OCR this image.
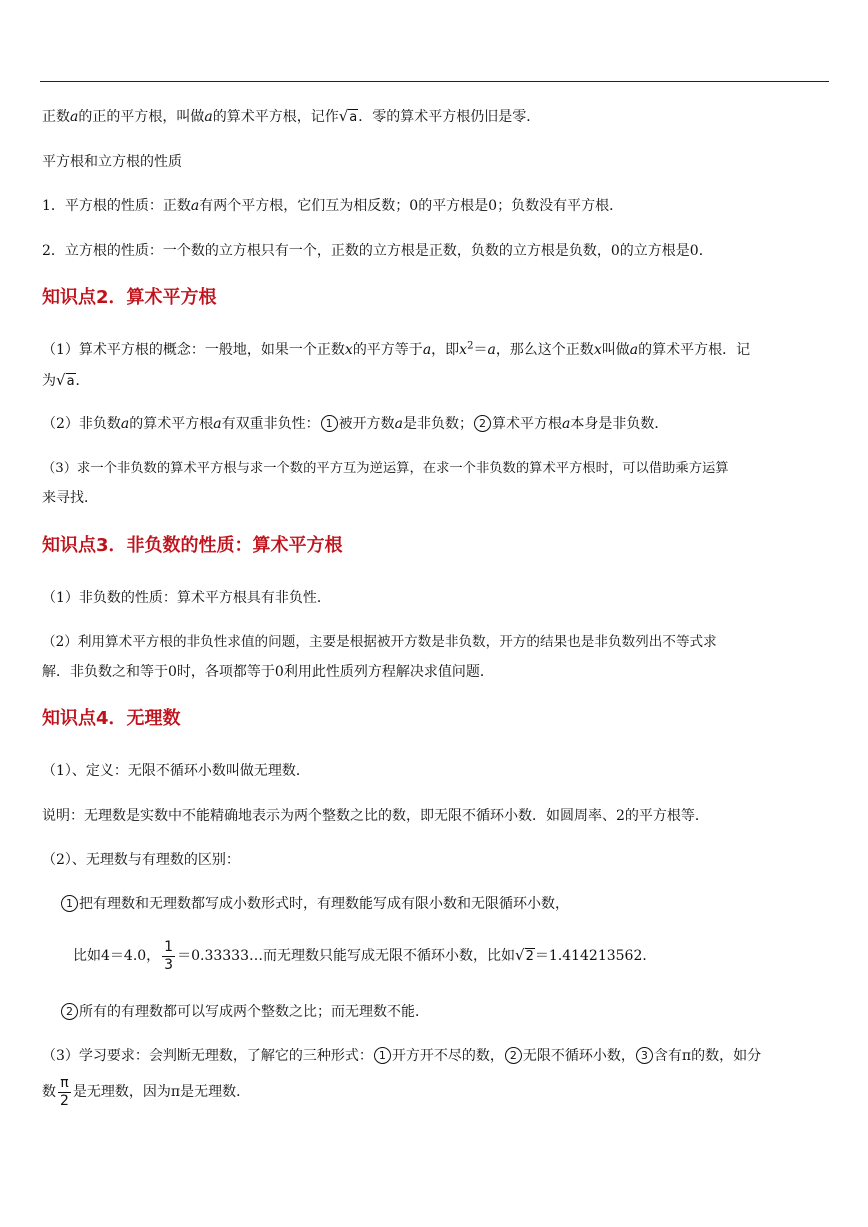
正数a的正的平方根，叫做a的算术平方根，记作√a．零的算术平方根仍旧是零．
平方根和立方根的性质
1．平方根的性质：正数a有两个平方根，它们互为相反数；0的平方根是0；负数没有平方根．
2．立方根的性质：一个数的立方根只有一个，正数的立方根是正数，负数的立方根是负数，0的立方根是0．
知识点2．算术平方根
（1）算术平方根的概念：一般地，如果一个正数x的平方等于a，即$x^2=a$，那么这个正数x叫做a的算术平方根．记
为√a．
（2）非负数a的算术平方根a有双重非负性： 1 被开方数a是非负数； 2 算术平方根a本身是非负数．
（3）求一个非负数的算术平方根与求一个数的平方互为逆运算，在求一个非负数的算术平方根时，可以借助乘方运算
来寻找．
知识点3．非负数的性质：算术平方根
（1）非负数的性质：算术平方根具有非负性．
（2）利用算术平方根的非负性求值的问题，主要是根据被开方数是非负数，开方的结果也是非负数列出不等式求
解．非负数之和等于0时，各项都等于0利用此性质列方程解决求值问题．
知识点4．无理数
（1）、定义：无限不循环小数叫做无理数．
说明：无理数是实数中不能精确地表示为两个整数之比的数，即无限不循环小数．如圆周率、2的平方根等．
（2）、无理数与有理数的区别：
1 把有理数和无理数都写成小数形式时，有理数能写成有限小数和无限循环小数，
比如4＝4.0， $\frac{1}{3}$ ＝0.33333…而无理数只能写成无限不循环小数，比如√2＝1.414213562．
2 所有的有理数都可以写成两个整数之比；而无理数不能．
（3）学习要求：会判断无理数，了解它的三种形式： 1 开方开不尽的数， 2 无限不循环小数， 3 含有π的数，如分
数 $\frac{\pi}{2}$ 是无理数，因为π是无理数．
